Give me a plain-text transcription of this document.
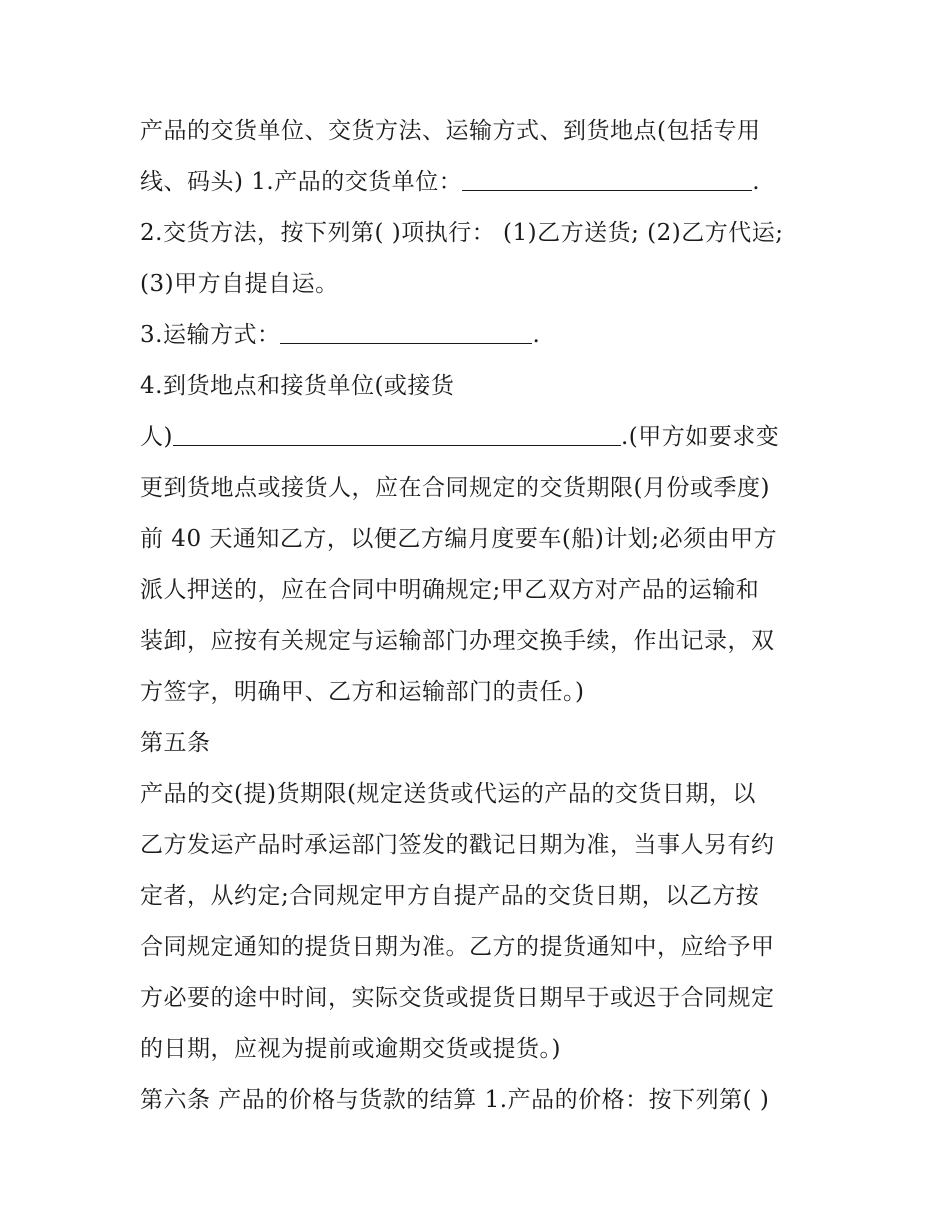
产品的交货单位、交货方法、运输方式、到货地点(包括专用
线、码头) 1.产品的交货单位：	.
2.交货方法，按下列第( )项执行： (1)乙方送货; (2)乙方代运;
(3)甲方自提自运。
3.运输方式：	.
4.到货地点和接货单位(或接货
人)	.(甲方如要求变
更到货地点或接货人，应在合同规定的交货期限(月份或季度)
前 40 天通知乙方，以便乙方编月度要车(船)计划;必须由甲方
派人押送的，应在合同中明确规定;甲乙双方对产品的运输和
装卸，应按有关规定与运输部门办理交换手续，作出记录，双
方签字，明确甲、乙方和运输部门的责任。)
第五条
产品的交(提)货期限(规定送货或代运的产品的交货日期，以
乙方发运产品时承运部门签发的戳记日期为准，当事人另有约
定者，从约定;合同规定甲方自提产品的交货日期，以乙方按
合同规定通知的提货日期为准。乙方的提货通知中，应给予甲
方必要的途中时间，实际交货或提货日期早于或迟于合同规定
的日期，应视为提前或逾期交货或提货。)
第六条 产品的价格与货款的结算 1.产品的价格：按下列第( )
